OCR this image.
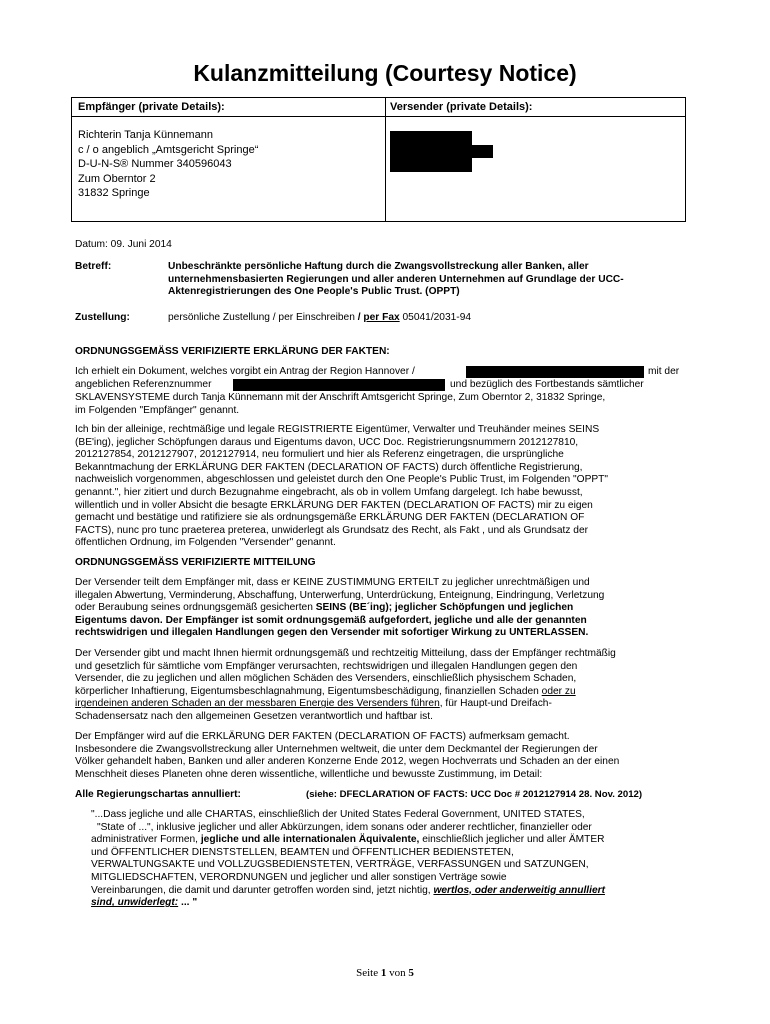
Kulanzmitteilung (Courtesy Notice)
Empfänger (private Details):	Versender (private Details):
Richterin Tanja Künnemann
c / o angeblich „Amtsgericht Springe“
D-U-N-S® Nummer 340596043
Zum Oberntor 2
31832 Springe
Datum: 09. Juni 2014
Betreff:	Unbeschränkte persönliche Haftung durch die Zwangsvollstreckung aller Banken, aller
unternehmensbasierten Regierungen und aller anderen Unternehmen auf Grundlage der UCC-
Aktenregistrierungen des One People's Public Trust. (OPPT)
Zustellung:	persönliche Zustellung / per Einschreiben / per Fax 05041/2031-94
ORDNUNGSGEMÄSS VERIFIZIERTE ERKLÄRUNG DER FAKTEN:
Ich erhielt ein Dokument, welches vorgibt ein Antrag der Region Hannover /	mit der
angeblichen Referenznummer	und bezüglich des Fortbestands sämtlicher
SKLAVENSYSTEME durch Tanja Künnemann mit der Anschrift Amtsgericht Springe, Zum Oberntor 2, 31832 Springe,
im Folgenden "Empfänger" genannt.
Ich bin der alleinige, rechtmäßige und legale REGISTRIERTE Eigentümer, Verwalter und Treuhänder meines SEINS
(BE'ing), jeglicher Schöpfungen daraus und Eigentums davon, UCC Doc. Registrierungsnummern 2012127810,
2012127854, 2012127907, 2012127914, neu formuliert und hier als Referenz eingetragen, die ursprüngliche
Bekanntmachung der ERKLÄRUNG DER FAKTEN (DECLARATION OF FACTS) durch öffentliche Registrierung,
nachweislich vorgenommen, abgeschlossen und geleistet durch den One People's Public Trust, im Folgenden "OPPT"
genannt.", hier zitiert und durch Bezugnahme eingebracht, als ob in vollem Umfang dargelegt. Ich habe bewusst,
willentlich und in voller Absicht die besagte ERKLÄRUNG DER FAKTEN (DECLARATION OF FACTS) mir zu eigen
gemacht und bestätige und ratifiziere sie als ordnungsgemäße ERKLÄRUNG DER FAKTEN (DECLARATION OF
FACTS), nunc pro tunc praeterea preterea, unwiderlegt als Grundsatz des Recht, als Fakt , und als Grundsatz der
öffentlichen Ordnung, im Folgenden "Versender" genannt.
ORDNUNGSGEMÄSS VERIFIZIERTE MITTEILUNG
Der Versender teilt dem Empfänger mit, dass er KEINE ZUSTIMMUNG ERTEILT zu jeglicher unrechtmäßigen und
illegalen Abwertung, Verminderung, Abschaffung, Unterwerfung, Unterdrückung, Enteignung, Eindringung, Verletzung
oder Beraubung seines ordnungsgemäß gesicherten SEINS (BE´ing); jeglicher Schöpfungen und jeglichen
Eigentums davon. Der Empfänger ist somit ordnungsgemäß aufgefordert, jegliche und alle der genannten
rechtswidrigen und illegalen Handlungen gegen den Versender mit sofortiger Wirkung zu UNTERLASSEN.
Der Versender gibt und macht Ihnen hiermit ordnungsgemäß und rechtzeitig Mitteilung, dass der Empfänger rechtmäßig
und gesetzlich für sämtliche vom Empfänger verursachten, rechtswidrigen und illegalen Handlungen gegen den
Versender, die zu jeglichen und allen möglichen Schäden des Versenders, einschließlich physischem Schaden,
körperlicher Inhaftierung, Eigentumsbeschlagnahmung, Eigentumsbeschädigung, finanziellen Schaden oder zu
irgendeinen anderen Schaden an der messbaren Energie des Versenders führen, für Haupt-und Dreifach-
Schadensersatz nach den allgemeinen Gesetzen verantwortlich und haftbar ist.
Der Empfänger wird auf die ERKLÄRUNG DER FAKTEN (DECLARATION OF FACTS) aufmerksam gemacht.
Insbesondere die Zwangsvollstreckung aller Unternehmen weltweit, die unter dem Deckmantel der Regierungen der
Völker gehandelt haben, Banken und aller anderen Konzerne Ende 2012, wegen Hochverrats und Schaden an der einen
Menschheit dieses Planeten ohne deren wissentliche, willentliche und bewusste Zustimmung, im Detail:
Alle Regierungschartas annulliert:	(siehe: DFECLARATION OF FACTS: UCC Doc # 2012127914 28. Nov. 2012)
"...Dass jegliche und alle CHARTAS, einschließlich der United States Federal Government, UNITED STATES,
"State of ...", inklusive jeglicher und aller Abkürzungen, idem sonans oder anderer rechtlicher, finanzieller oder
administrativer Formen, jegliche und alle internationalen Äquivalente, einschließlich jeglicher und aller ÄMTER
und ÖFFENTLICHER DIENSTSTELLEN, BEAMTEN und ÖFFENTLICHER BEDIENSTETEN,
VERWALTUNGSAKTE und VOLLZUGSBEDIENSTETEN, VERTRÄGE, VERFASSUNGEN und SATZUNGEN,
MITGLIEDSCHAFTEN, VERORDNUNGEN und jeglicher und aller sonstigen Verträge sowie
Vereinbarungen, die damit und darunter getroffen worden sind, jetzt nichtig, wertlos, oder anderweitig annulliert
sind, unwiderlegt: ... "
Seite 1 von 5
